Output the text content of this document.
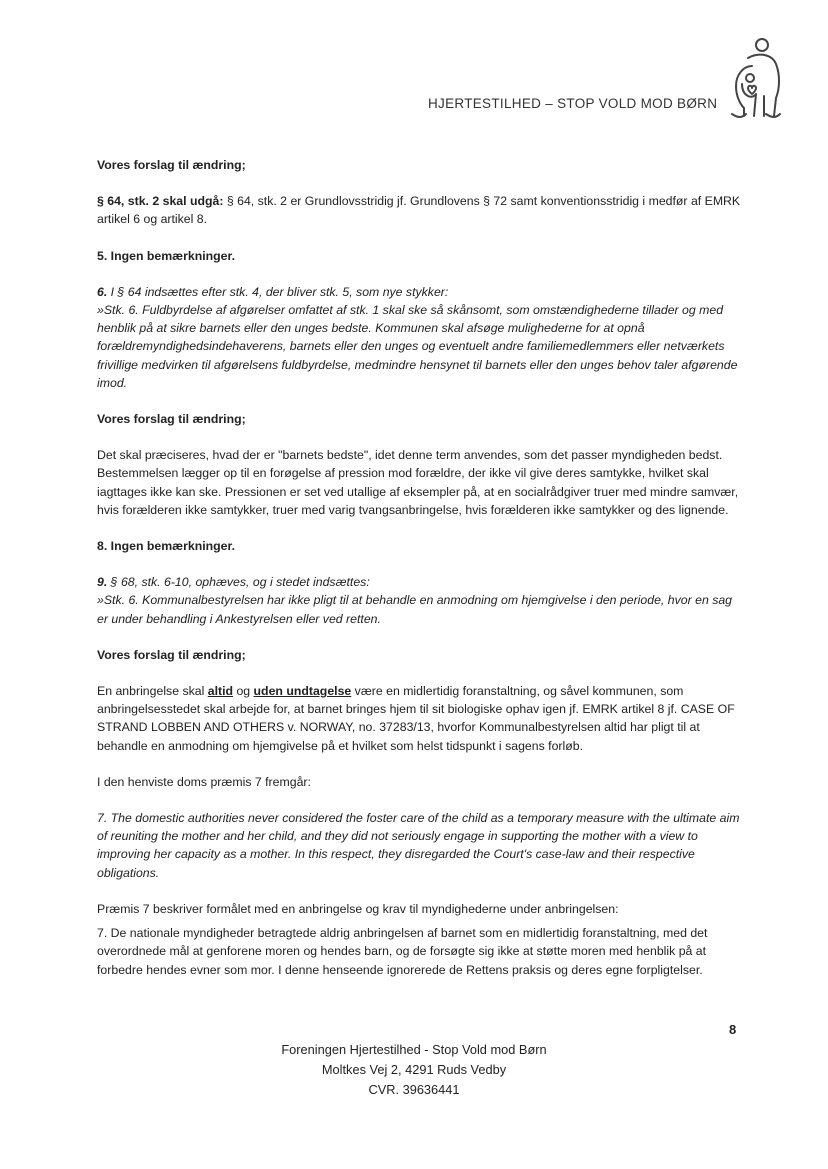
HJERTESTILHED – STOP VOLD MOD BØRN

Vores forslag til ændring;

§ 64, stk. 2 skal udgå: § 64, stk. 2 er Grundlovsstridig jf. Grundlovens § 72 samt konventionsstridig i medfør af EMRK artikel 6 og artikel 8.

5. Ingen bemærkninger.

6. I § 64 indsættes efter stk. 4, der bliver stk. 5, som nye stykker:

»Stk. 6. Fuldbyrdelse af afgørelser omfattet af stk. 1 skal ske så skånsomt, som omstændighederne tillader og med henblik på at sikre barnets eller den unges bedste. Kommunen skal afsøge mulighederne for at opnå forældremyndighedsindehaverens, barnets eller den unges og eventuelt andre familiemedlemmers eller netværkets frivillige medvirken til afgørelsens fuldbyrdelse, medmindre hensynet til barnets eller den unges behov taler afgørende imod.

Vores forslag til ændring;

Det skal præciseres, hvad der er "barnets bedste", idet denne term anvendes, som det passer myndigheden bedst. Bestemmelsen lægger op til en forøgelse af pression mod forældre, der ikke vil give deres samtykke, hvilket skal iagttages ikke kan ske. Pressionen er set ved utallige af eksempler på, at en socialrådgiver truer med mindre samvær, hvis forælderen ikke samtykker, truer med varig tvangsanbringelse, hvis forælderen ikke samtykker og des lignende.

8. Ingen bemærkninger.

9. § 68, stk. 6-10, ophæves, og i stedet indsættes:

»Stk. 6. Kommunalbestyrelsen har ikke pligt til at behandle en anmodning om hjemgivelse i den periode, hvor en sag er under behandling i Ankestyrelsen eller ved retten.

Vores forslag til ændring;

En anbringelse skal altid og uden undtagelse være en midlertidig foranstaltning, og såvel kommunen, som anbringelsesstedet skal arbejde for, at barnet bringes hjem til sit biologiske ophav igen jf. EMRK artikel 8 jf. CASE OF STRAND LOBBEN AND OTHERS v. NORWAY, no. 37283/13, hvorfor Kommunalbestyrelsen altid har pligt til at behandle en anmodning om hjemgivelse på et hvilket som helst tidspunkt i sagens forløb.

I den henviste doms præmis 7 fremgår:

7. The domestic authorities never considered the foster care of the child as a temporary measure with the ultimate aim of reuniting the mother and her child, and they did not seriously engage in supporting the mother with a view to improving her capacity as a mother. In this respect, they disregarded the Court's case-law and their respective obligations.

Præmis 7 beskriver formålet med en anbringelse og krav til myndighederne under anbringelsen:

7. De nationale myndigheder betragtede aldrig anbringelsen af barnet som en midlertidig foranstaltning, med det overordnede mål at genforene moren og hendes barn, og de forsøgte sig ikke at støtte moren med henblik på at forbedre hendes evner som mor. I denne henseende ignorerede de Rettens praksis og deres egne forpligtelser.

8
Foreningen Hjertestilhed - Stop Vold mod Børn
Moltkes Vej 2, 4291 Ruds Vedby
CVR. 39636441
